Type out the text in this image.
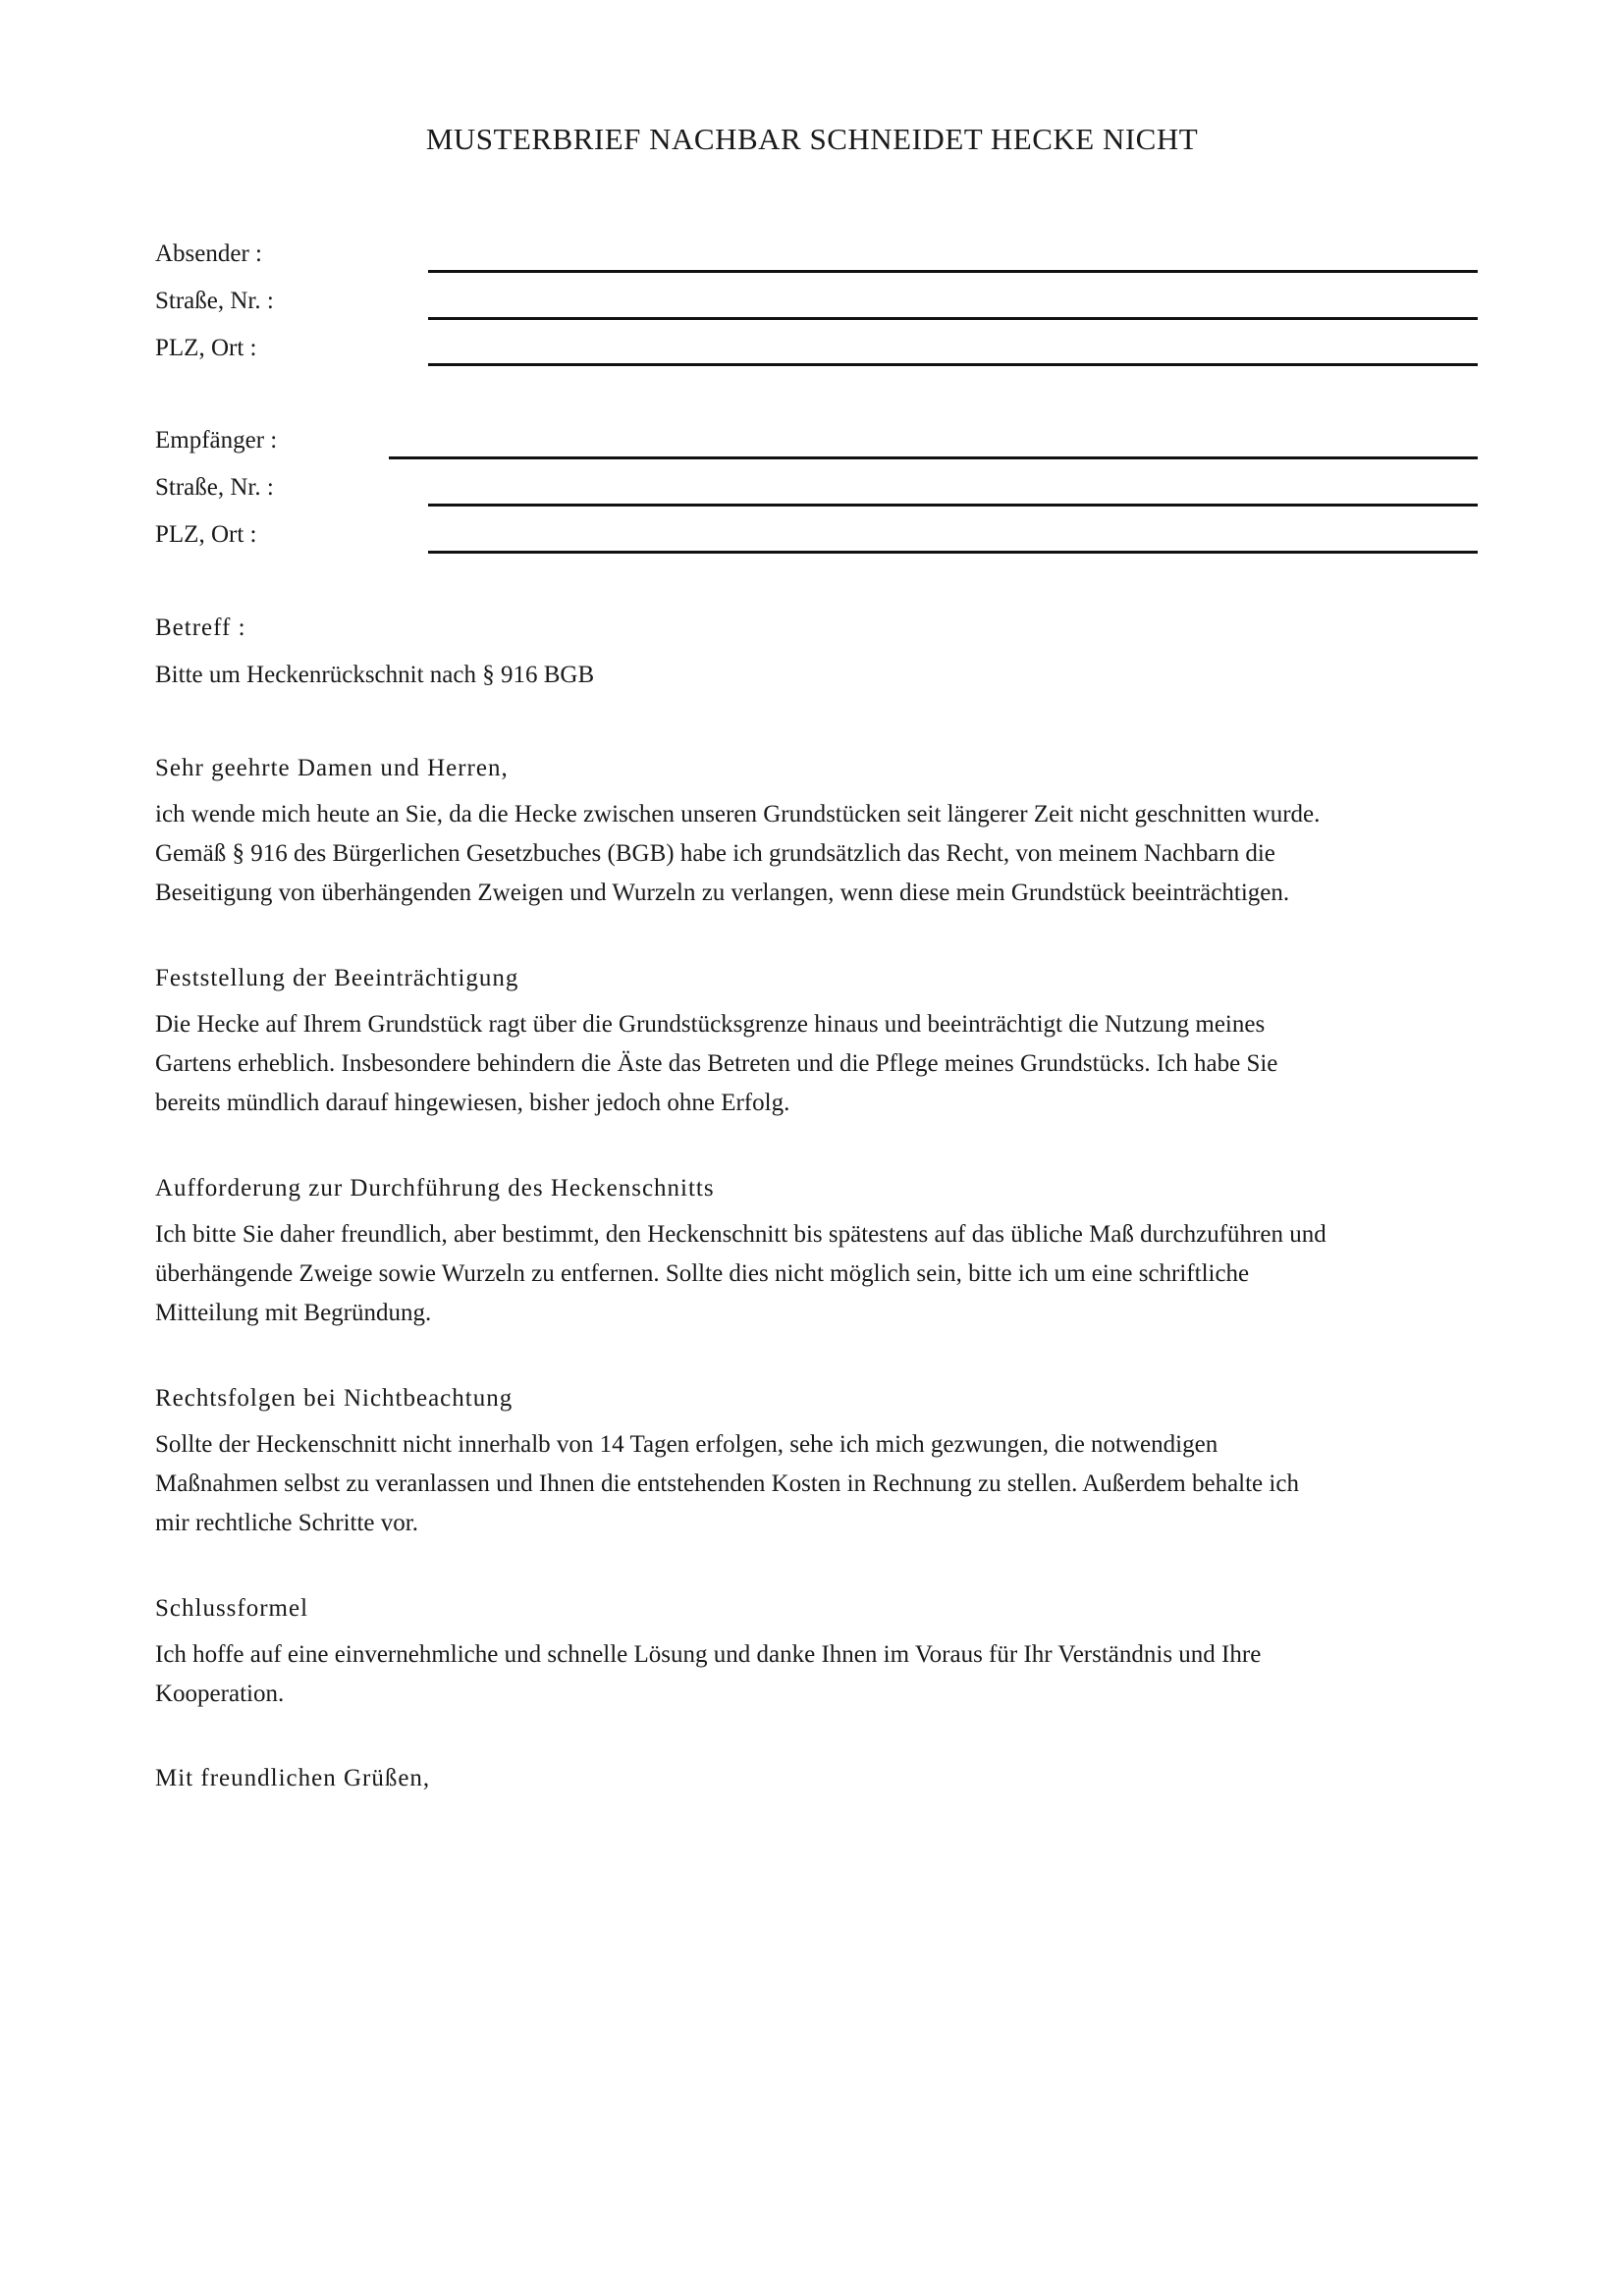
MUSTERBRIEF NACHBAR SCHNEIDET HECKE NICHT
Absender :
Straße, Nr. :
PLZ, Ort :
Empfänger :
Straße, Nr. :
PLZ, Ort :
Betreff :
Bitte um Heckenrückschnit nach § 916 BGB
Sehr geehrte Damen und Herren,
ich wende mich heute an Sie, da die Hecke zwischen unseren Grundstücken seit längerer Zeit nicht geschnitten wurde.
Gemäß § 916 des Bürgerlichen Gesetzbuches (BGB) habe ich grundsätzlich das Recht, von meinem Nachbarn die
Beseitigung von überhängenden Zweigen und Wurzeln zu verlangen, wenn diese mein Grundstück beeinträchtigen.
Feststellung der Beeinträchtigung
Die Hecke auf Ihrem Grundstück ragt über die Grundstücksgrenze hinaus und beeinträchtigt die Nutzung meines
Gartens erheblich. Insbesondere behindern die Äste das Betreten und die Pflege meines Grundstücks. Ich habe Sie
bereits mündlich darauf hingewiesen, bisher jedoch ohne Erfolg.
Aufforderung zur Durchführung des Heckenschnitts
Ich bitte Sie daher freundlich, aber bestimmt, den Heckenschnitt bis spätestens auf das übliche Maß durchzuführen und
überhängende Zweige sowie Wurzeln zu entfernen. Sollte dies nicht möglich sein, bitte ich um eine schriftliche
Mitteilung mit Begründung.
Rechtsfolgen bei Nichtbeachtung
Sollte der Heckenschnitt nicht innerhalb von 14 Tagen erfolgen, sehe ich mich gezwungen, die notwendigen
Maßnahmen selbst zu veranlassen und Ihnen die entstehenden Kosten in Rechnung zu stellen. Außerdem behalte ich
mir rechtliche Schritte vor.
Schlussformel
Ich hoffe auf eine einvernehmliche und schnelle Lösung und danke Ihnen im Voraus für Ihr Verständnis und Ihre
Kooperation.
Mit freundlichen Grüßen,
